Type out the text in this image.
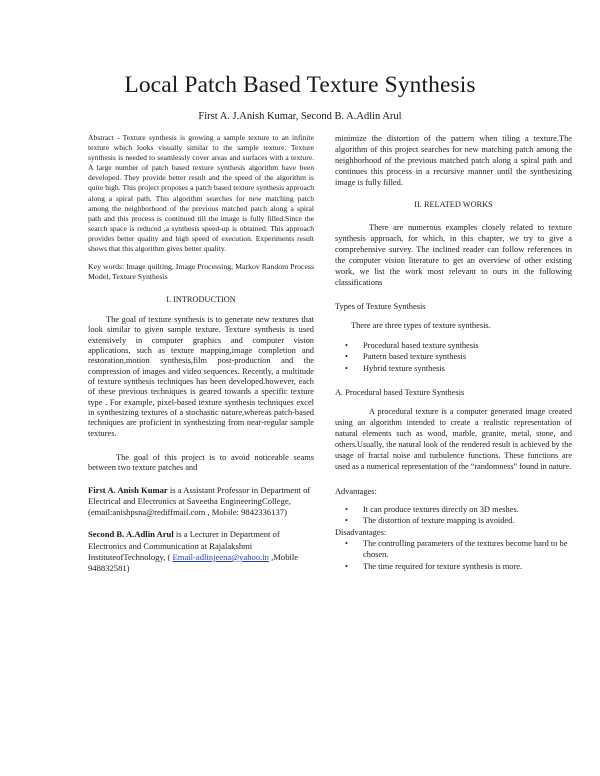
Local Patch Based Texture Synthesis

First A. J.Anish Kumar, Second B. A.Adlin Arul

Abstract - Texture synthesis is growing a sample texture to an infinite texture which looks visually similar to the sample texture. Texture synthesis is needed to seamlessly cover areas and surfaces with a texture. A large number of patch based texture synthesis algorithm have been developed. They provide better result and the speed of the algorithm is quite high. This project proposes a patch based texture synthesis approach along a spiral path. This algorithm searches for new matching patch among the neighborhood of the previous matched patch along a spiral path and this process is continued till the image is fully filled.Since the search space is reduced ,a synthesis speed-up is obtained. This approach provides better quality and high speed of execution. Experiments result shows that this algorithm gives better quality.

Key words: Image quilting, Image Processing, Markov Random Process Model, Texture Synthesis

I. INTRODUCTION

The goal of texture synthesis is to generate new textures that look similar to given sample texture. Texture synthesis is used extensively in computer graphics and computer vision applications, such as texture mapping,image completion and restoration,motion synthesis,film post-production and the compression of images and video sequences. Recently, a multitude of texture synthesis techniques has been developed.however, each of these previous techniques is geared towards a specific texture type . For example, pixel-based texture synthesis techniques excel in synthesizing textures of a stochastic nature,whereas patch-based techniques are proficient in synthesizing from near-regular sample textures.

The goal of this project is to avoid noticeable seams between two texture patches and

First A. Anish Kumar is a Assistant Professor in Department of Electrical and Electronics at Saveetha EngineeringCollege,(email:anishpsna@rediffmail.com , Mobile: 9842336137)

Second B. A.Adlin Arul is a Lecturer in Department of Electronics and Communication at Rajalakshmi InstituteofTechnology, ( Email-adlinjeena@yahoo.in ,Mobile 948832581)

minimize the distortion of the pattern when tiling a texture.The algorithm of this project searches for new matching patch among the neighborhood of the previous matched patch along a spiral path and continues this process in a recursive manner until the synthesizing image is fully filled.

II. RELATED WORKS

There are numerous examples closely related to texture synthesis approach, for which, in this chapter, we try to give a comprehensive survey. The inclined reader can follow references in the computer vision literature to get an overview of other existing work, we list the work most relevant to ours in the following classifications

Types of Texture Synthesis

There are three types of texture synthesis.

• Procedural based texture synthesis
• Pattern based texture synthesis
• Hybrid texture synthesis

A. Procedural based Texture Synthesis

A procedural texture is a computer generated image created using an algorithm intended to create a realistic representation of natural elements such as wood, marble, granite, metal, stone, and others.Usually, the natural look of the rendered result is achieved by the usage of fractal noise and turbulence functions. These functions are used as a numerical representation of the “randomness” found in nature.

Advantages:

• It can produce textures directly on 3D meshes.
• The distortion of texture mapping is avoided.

Disadvantages:

• The controlling parameters of the textures become hard to be chosen.
• The time required for texture synthesis is more.
